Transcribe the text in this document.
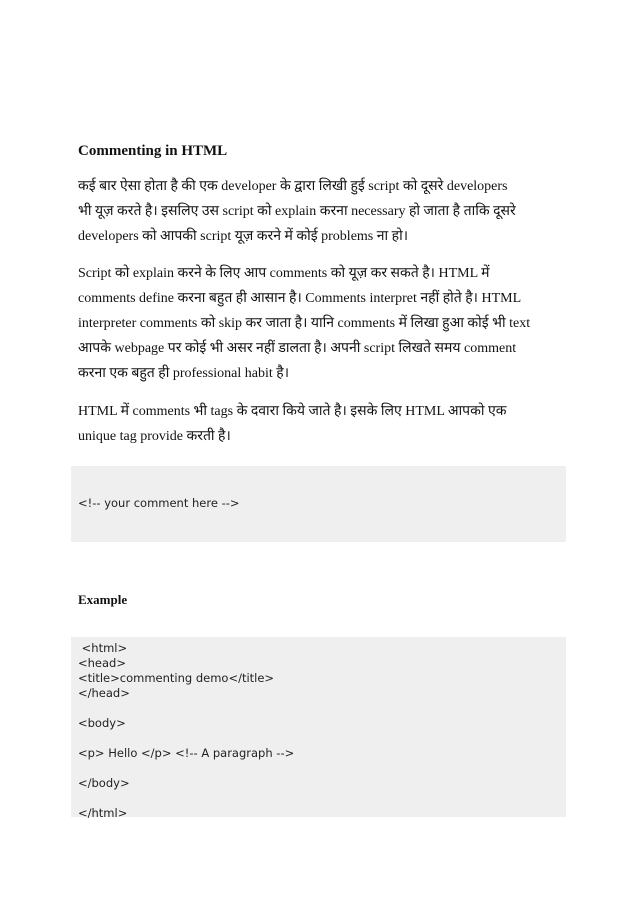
Commenting in HTML

कई बार ऐसा होता है की एक developer के द्वारा लिखी हुई script को दूसरे developers
भी यूज़ करते है। इसलिए उस script को explain करना necessary हो जाता है ताकि दूसरे
developers को आपकी script यूज़ करने में कोई problems ना हो।

Script को explain करने के लिए आप comments को यूज़ कर सकते है। HTML में
comments define करना बहुत ही आसान है। Comments interpret नहीं होते है। HTML
interpreter comments को skip कर जाता है। यानि comments में लिखा हुआ कोई भी text
आपके webpage पर कोई भी असर नहीं डालता है। अपनी script लिखते समय comment
करना एक बहुत ही professional habit है।

HTML में comments भी tags के दवारा किये जाते है। इसके लिए HTML आपको एक
unique tag provide करती है।

<!-- your comment here -->
Example
<html>
<head>
<title>commenting demo</title>
</head>

<body>

<p> Hello </p> <!-- A paragraph -->

</body>

</html>
